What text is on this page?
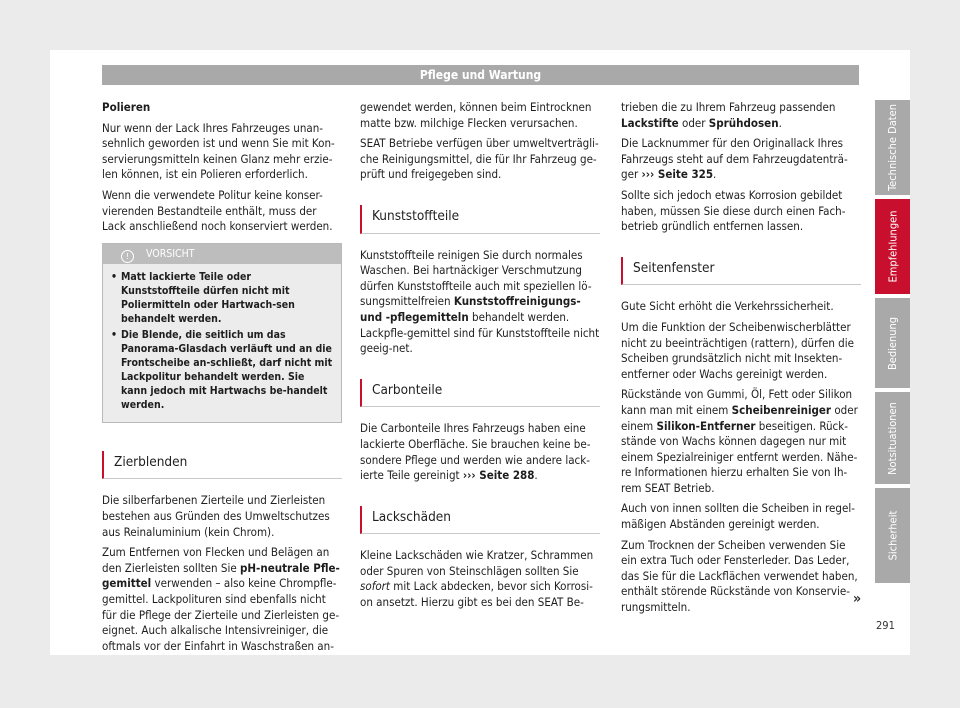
Pflege und Wartung

Polieren

Nur wenn der Lack Ihres Fahrzeuges unan-sehnlich geworden ist und wenn Sie mit Kon-servierungsmitteln keinen Glanz mehr erzie-len können, ist ein Polieren erforderlich.

Wenn die verwendete Politur keine konser-vierenden Bestandteile enthält, muss der Lack anschließend noch konserviert werden.

! VORSICHT
• Matt lackierte Teile oder Kunststoffteile dürfen nicht mit Poliermitteln oder Hartwach-sen behandelt werden.
• Die Blende, die seitlich um das Panorama-Glasdach verläuft und an die Frontscheibe an-schließt, darf nicht mit Lackpolitur behandelt werden. Sie kann jedoch mit Hartwachs be-handelt werden.
Zierblenden

Die silberfarbenen Zierteile und Zierleisten bestehen aus Gründen des Umweltschutzes aus Reinaluminium (kein Chrom).

Zum Entfernen von Flecken und Belägen an den Zierleisten sollten Sie pH-neutrale Pfle-gemittel verwenden – also keine Chrompfle-gemittel. Lackpolituren sind ebenfalls nicht für die Pflege der Zierteile und Zierleisten ge-eignet. Auch alkalische Intensivreiniger, die oftmals vor der Einfahrt in Waschstraßen an-

gewendet werden, können beim Eintrocknen matte bzw. milchige Flecken verursachen.

SEAT Betriebe verfügen über umweltverträgli-che Reinigungsmittel, die für Ihr Fahrzeug ge-prüft und freigegeben sind.

Kunststoffteile

Kunststoffteile reinigen Sie durch normales Waschen. Bei hartnäckiger Verschmutzung dürfen Kunststoffteile auch mit speziellen lö-sungsmittelfreien Kunststoffreinigungs- und -pflegemitteln behandelt werden. Lackpfle-gemittel sind für Kunststoffteile nicht geeig-net.

Carbonteile

Die Carbonteile Ihres Fahrzeugs haben eine lackierte Oberfläche. Sie brauchen keine be-sondere Pflege und werden wie andere lack-ierte Teile gereinigt ››› Seite 288.

Lackschäden

Kleine Lackschäden wie Kratzer, Schrammen oder Spuren von Steinschlägen sollten Sie sofort mit Lack abdecken, bevor sich Korrosi-on ansetzt. Hierzu gibt es bei den SEAT Be-

trieben die zu Ihrem Fahrzeug passenden Lackstifte oder Sprühdosen.

Die Lacknummer für den Originallack Ihres Fahrzeugs steht auf dem Fahrzeugdatenträ-ger ››› Seite 325.

Sollte sich jedoch etwas Korrosion gebildet haben, müssen Sie diese durch einen Fach-betrieb gründlich entfernen lassen.

Seitenfenster

Gute Sicht erhöht die Verkehrssicherheit.

Um die Funktion der Scheibenwischerblätter nicht zu beeinträchtigen (rattern), dürfen die Scheiben grundsätzlich nicht mit Insekten-entferner oder Wachs gereinigt werden.

Rückstände von Gummi, Öl, Fett oder Silikon kann man mit einem Scheibenreiniger oder einem Silikon-Entferner beseitigen. Rück-stände von Wachs können dagegen nur mit einem Spezialreiniger entfernt werden. Nähe-re Informationen hierzu erhalten Sie von Ih-rem SEAT Betrieb.

Auch von innen sollten die Scheiben in regel-mäßigen Abständen gereinigt werden.

Zum Trocknen der Scheiben verwenden Sie ein extra Tuch oder Fensterleder. Das Leder, das Sie für die Lackflächen verwendet haben, enthält störende Rückstände von Konservie-rungsmitteln.

»
291
Technische Daten
Empfehlungen
Bedienung
Notsituationen
Sicherheit
